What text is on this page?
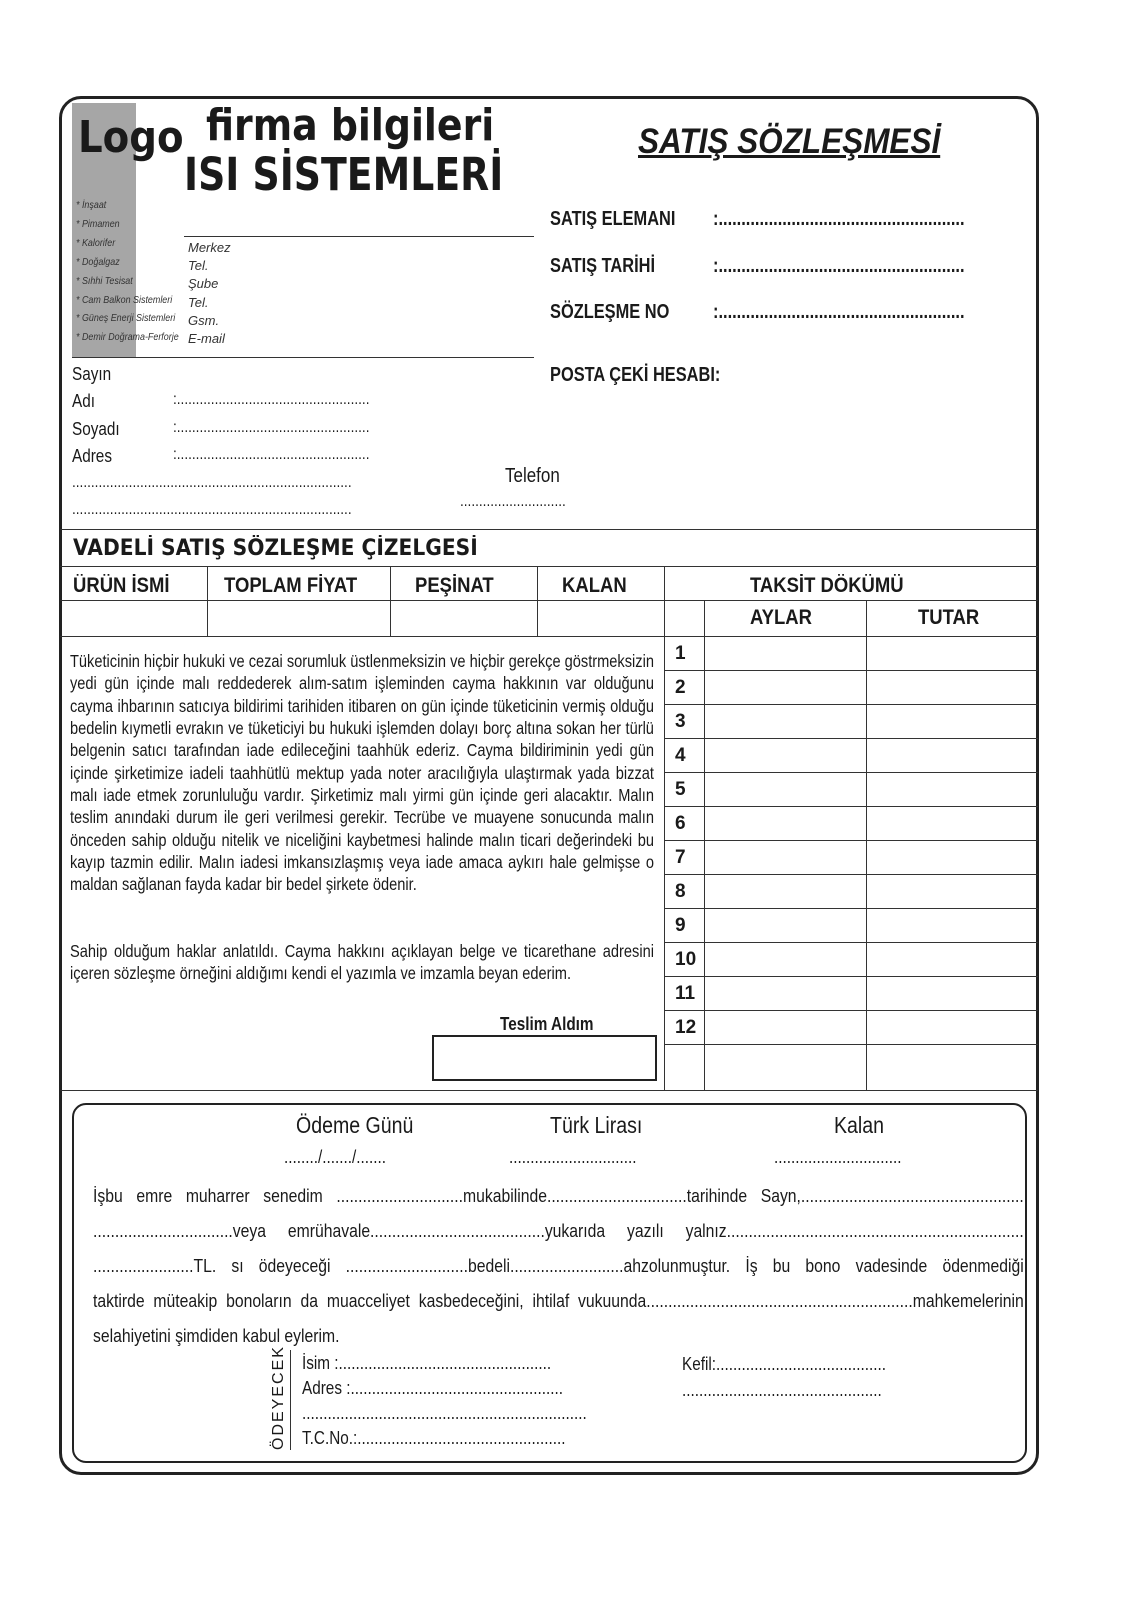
Logo firma bilgileri
ISI SİSTEMLERİ
SATIŞ SÖZLEŞMESİ
* İnşaat
* Pimamen
* Kalorifer
* Doğalgaz
* Sıhhi Tesisat
* Cam Balkon Sistemleri
* Güneş Enerji Sistemleri
* Demir Doğrama-Ferforje
Merkez
Tel.
Şube
Tel.
Gsm.
E-mail
SATIŞ ELEMANI :......................................................
SATIŞ TARİHİ	:......................................................
SÖZLEŞME NO :......................................................
POSTA ÇEKİ HESABI:
Sayın
Adı	:...................................................
Soyadı	:...................................................
Adres	:...................................................
..........................................................................
..........................................................................
Telefon
............................
VADELİ SATIŞ SÖZLEŞME ÇİZELGESİ
ÜRÜN İSMİ	TOPLAM FİYAT	PEŞİNAT	KALAN	TAKSİT DÖKÜMÜ
AYLAR	TUTAR
1
2
3
4
5
6
7
8
9
10
11
12
Tüketicinin hiçbir hukuki ve cezai sorumluk üstlenmeksizin ve hiçbir gerekçe göstrmeksizin yedi gün içinde malı reddederek alım-satım işleminden cayma hakkının var olduğunu cayma ihbarının satıcıya bildirimi tarihiden itibaren on gün içinde tüketicinin vermiş olduğu bedelin kıymetli evrakın ve tüketiciyi bu hukuki işlemden dolayı borç altına sokan her türlü belgenin satıcı tarafından iade edileceğini taahhük ederiz. Cayma bildiriminin yedi gün içinde şirketimize iadeli taahhütlü mektup yada noter aracılığıyla ulaştırmak yada bizzat malı iade etmek zorunluluğu vardır. Şirketimiz malı yirmi gün içinde geri alacaktır. Malın teslim anındaki durum ile geri verilmesi gerekir. Tecrübe ve muayene sonucunda malın önceden sahip olduğu nitelik ve niceliğini kaybetmesi halinde malın ticari değerindeki bu kayıp tazmin edilir. Malın iadesi imkansızlaşmış veya iade amaca aykırı hale gelmişse o maldan sağlanan fayda kadar bir bedel şirkete ödenir.
Sahip olduğum haklar anlatıldı. Cayma hakkını açıklayan belge ve ticarethane adresini içeren sözleşme örneğini aldığımı kendi el yazımla ve imzamla beyan ederim.
Teslim Aldım
Ödeme Günü
......../......./.......
Türk Lirası
..............................
Kalan
..............................
İşbu emre muharrer senedim .............................mukabilinde................................tarihinde Sayn,...................................................
................................veya emrühavale........................................yukarıda yazılı yalnız....................................................................
.......................TL. sı ödeyeceği ............................bedeli..........................ahzolunmuştur. İş bu bono vadesinde ödenmediği
taktirde müteakip bonoların da muacceliyet kasbedeceğini, ihtilaf vukuunda.............................................................mahkemelerinin
selahiyetini şimdiden kabul eylerim.
ÖDEYECEK İsim :..................................................
Adres :..................................................
...................................................................
T.C.No.:.................................................
Kefil:........................................
...............................................
